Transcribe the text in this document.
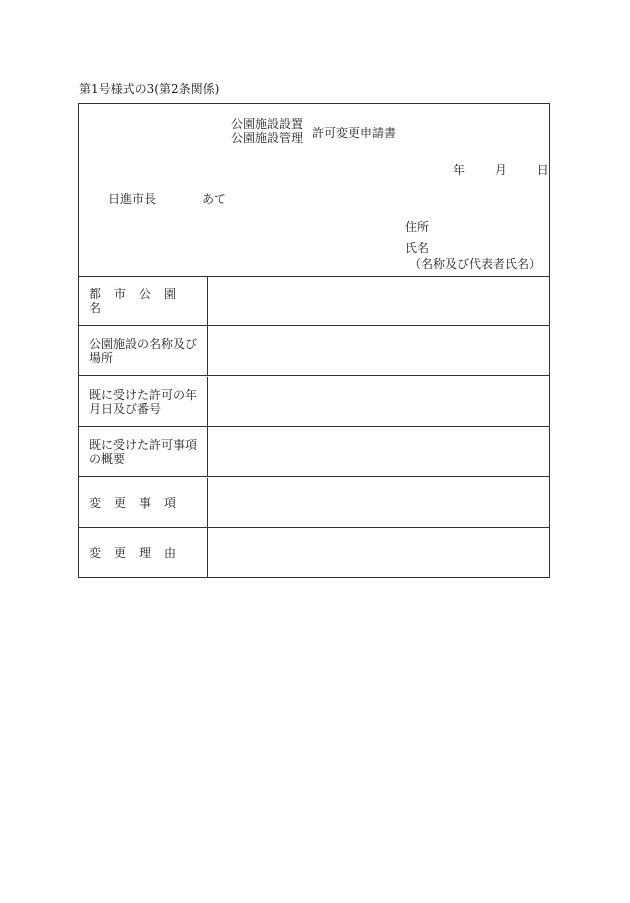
第1号様式の3(第2条関係)
公園施設設置
公園施設管理 許可変更申請書
年 月 日
日進市長	あて
住所
氏名
（名称及び代表者氏名）
都市公園名
公園施設の名称及び場所
既に受けた許可の年月日及び番号
既に受けた許可事項の概要
変更事項
変更理由
